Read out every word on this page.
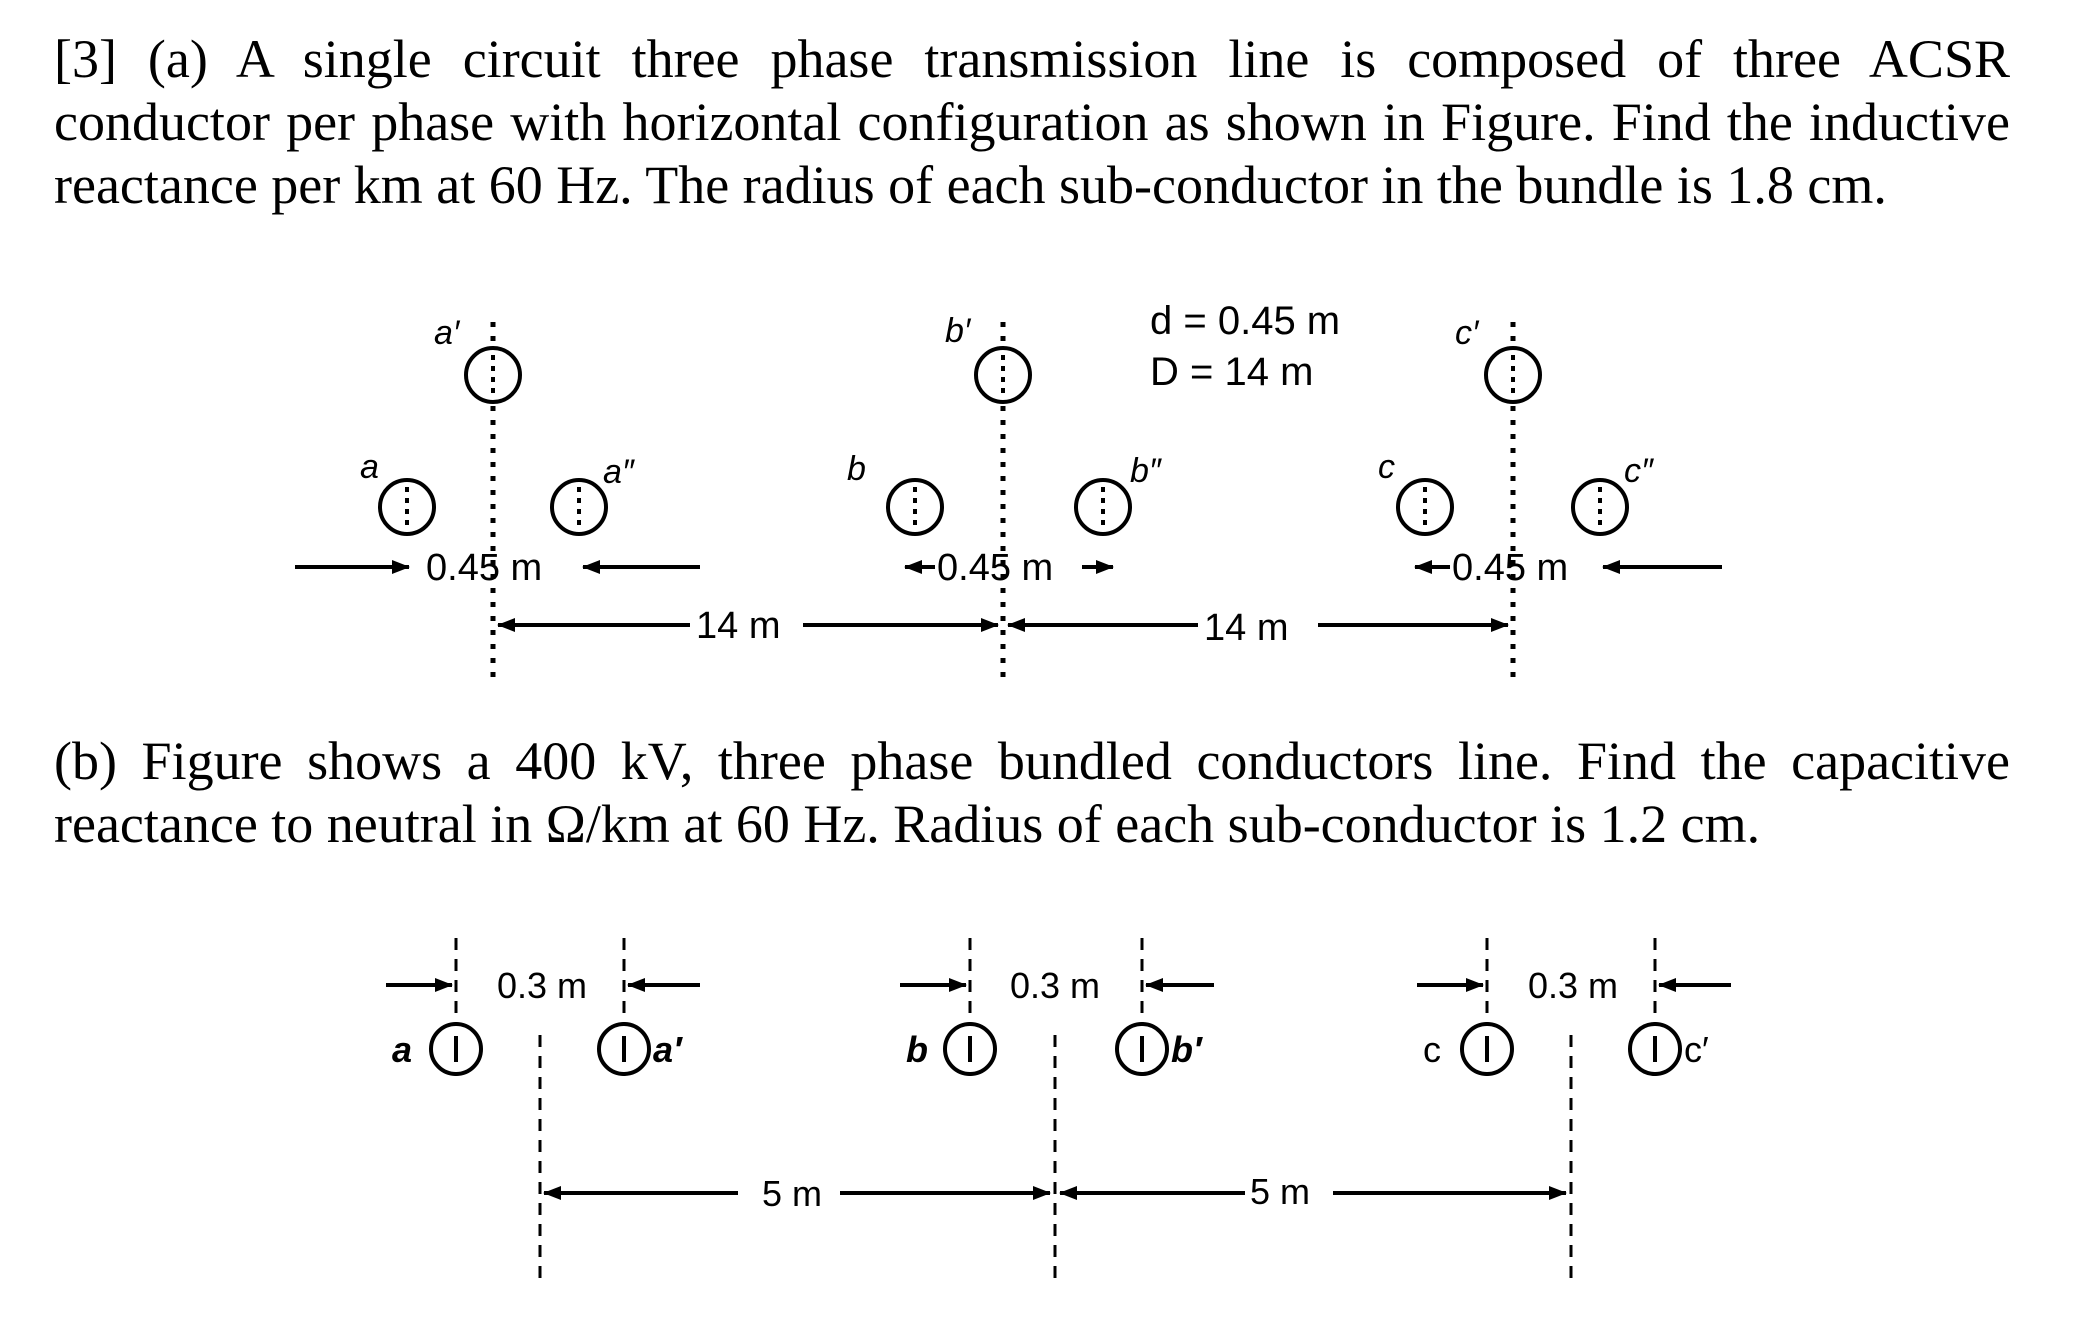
[3] (a) A single circuit three phase transmission line is composed of three ACSR conductor per phase with horizontal configuration as shown in Figure. Find the inductive reactance per km at 60 Hz. The radius of each sub-conductor in the bundle is 1.8 cm.

(b) Figure shows a 400 kV, three phase bundled conductors line. Find the capacitive
reactance to neutral in Ω/km at 60 Hz. Radius of each sub-conductor is 1.2 cm.

d = 0.45 m
D = 14 m
a′
a	a″
b′
b	b″
c′
c	c″
0.45 m	0.45 m	0.45 m
14 m	14 m
a	a′	b	b′	c	c′
0.3 m	0.3 m	0.3 m
5 m	5 m
